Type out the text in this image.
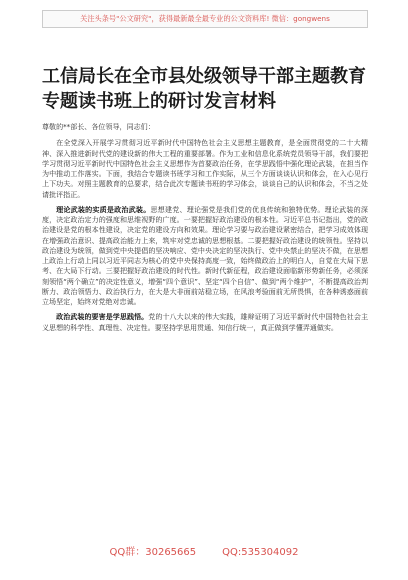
关注头条号"公文研究"，获得最新最全最专业的公文资料库! 微信：gongwens
工信局长在全市县处级领导干部主题教育专题读书班上的研讨发言材料

尊敬的**部长、各位领导，同志们：

在全党深入开展学习贯彻习近平新时代中国特色社会主义思想主题教育，是全面贯彻党的二十大精神、深入推进新时代党的建设新的伟大工程的重要部署。作为工业和信息化系统党员领导干部，我们要把学习贯彻习近平新时代中国特色社会主义思想作为首要政治任务，在学思践悟中强化理论武装，在担当作为中推动工作落实。下面，我结合专题读书班学习和工作实际，从三个方面谈谈认识和体会，在入心见行上下功夫。对照主题教育的总要求，结合此次专题读书班的学习体会，谈谈自己的认识和体会，不当之处请批评指正。

理论武装的实质是政治武装。思想建党、理论强党是我们党的优良传统和独特优势。理论武装的深度，决定政治定力的强度和思维视野的广度。一要把握好政治建设的根本性。习近平总书记指出，党的政治建设是党的根本性建设，决定党的建设方向和效果。理论学习要与政治建设紧密结合，把学习成效体现在增强政治意识、提高政治能力上来，筑牢对党忠诚的思想根基。二要把握好政治建设的统领性。坚持以政治建设为统领，做到党中央提倡的坚决响应、党中央决定的坚决执行、党中央禁止的坚决不做，在思想上政治上行动上同以习近平同志为核心的党中央保持高度一致，始终做政治上的明白人，自觉在大局下思考、在大局下行动。三要把握好政治建设的时代性。新时代新征程，政治建设面临新形势新任务，必须深刻领悟“两个确立”的决定性意义，增强“四个意识”、坚定“四个自信”、做到“两个维护”，不断提高政治判断力、政治领悟力、政治执行力，在大是大非面前站稳立场，在风浪考验面前无所畏惧，在各种诱惑面前立场坚定，始终对党绝对忠诚。

政治武装的要害是学思践悟。党的十八大以来的伟大实践，雄辩证明了习近平新时代中国特色社会主义思想的科学性、真理性、决定性。要坚持学思用贯通、知信行统一，真正做到学懂弄通做实。

QQ群：30265665	QQ:535304092
